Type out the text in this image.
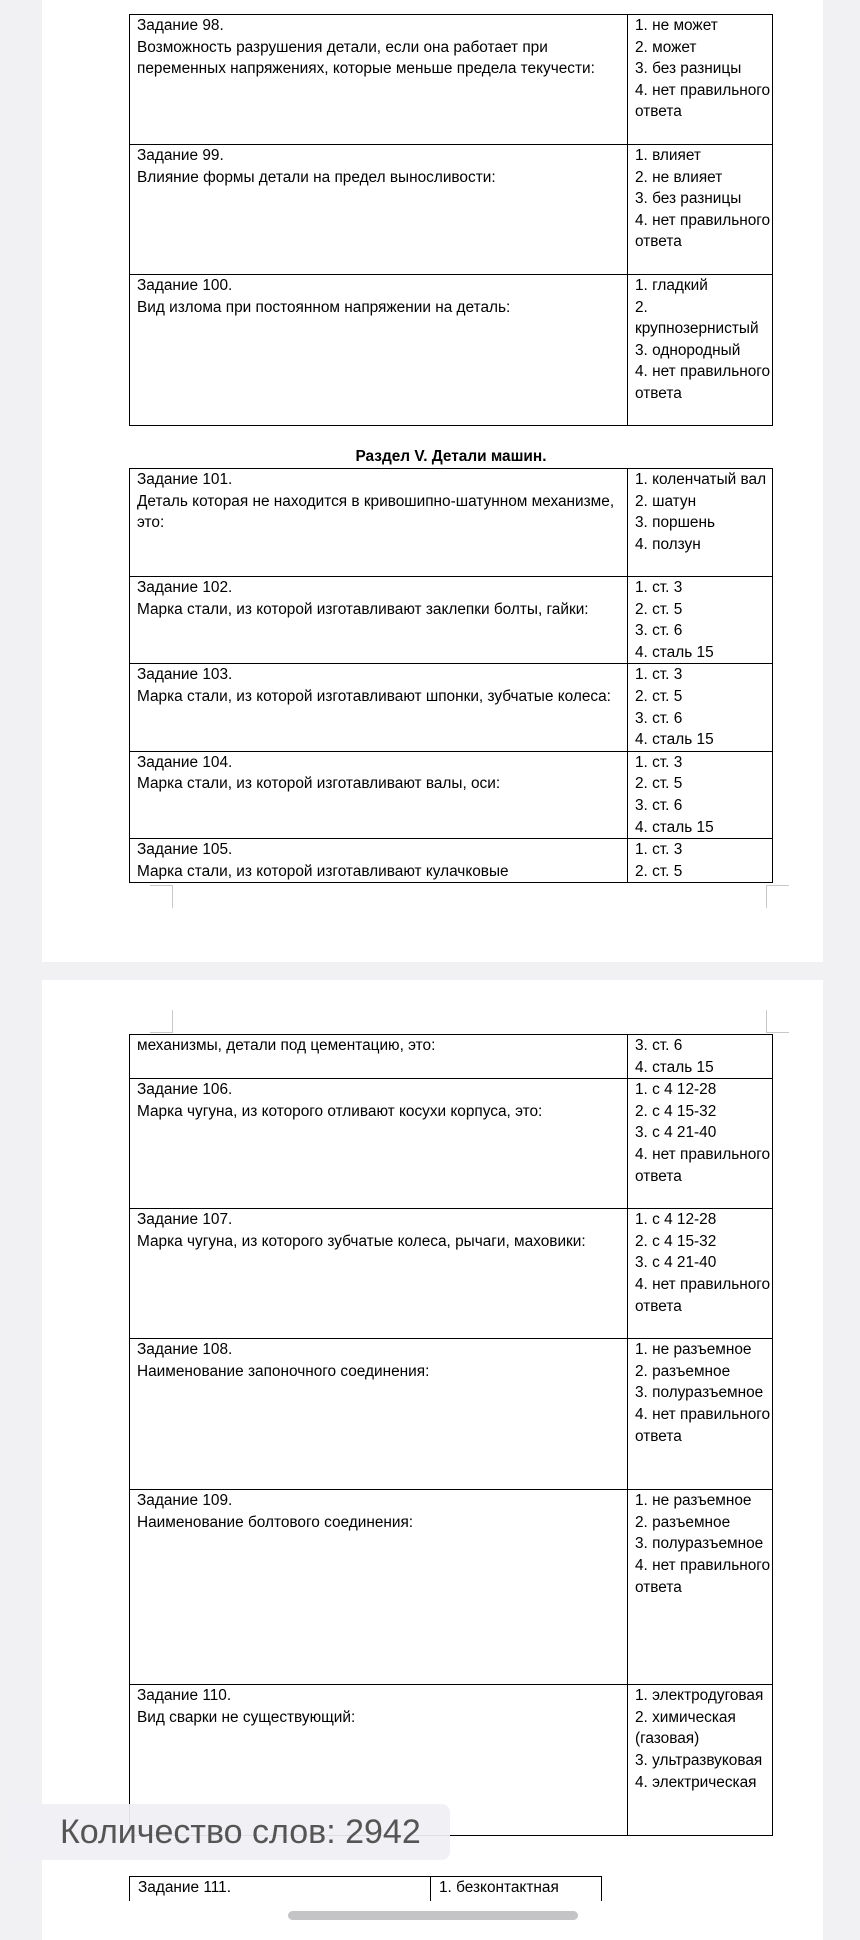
Задание 98.
Возможность разрушения детали, если она работает при переменных напряжениях, которые меньше предела текучести:	1. не может
2. может
3. без разницы
4. нет правильного ответа

Задание 99.
Влияние формы детали на предел выносливости:	1. влияет
2. не влияет
3. без разницы
4. нет правильного ответа

Задание 100.
Вид излома при постоянном напряжении на деталь:	1. гладкий
2. крупнозернистый
3. однородный
4. нет правильного ответа
Раздел V. Детали машин.
Задание 101.
Деталь которая не находится в кривошипно-шатунном механизме, это:	1. коленчатый вал
2. шатун
3. поршень
4. ползун

Задание 102.
Марка стали, из которой изготавливают заклепки болты, гайки:	1. ст. 3
2. ст. 5
3. ст. 6
4. сталь 15

Задание 103.
Марка стали, из которой изготавливают шпонки, зубчатые колеса:	1. ст. 3
2. ст. 5
3. ст. 6
4. сталь 15

Задание 104.
Марка стали, из которой изготавливают валы, оси:	1. ст. 3
2. ст. 5
3. ст. 6
4. сталь 15

Задание 105.
Марка стали, из которой изготавливают кулачковые	1. ст. 3
2. ст. 5
механизмы, детали под цементацию, это:	3. ст. 6
4. сталь 15

Задание 106.
Марка чугуна, из которого отливают косухи корпуса, это:	1. с 4 12-28
2. с 4 15-32
3. с 4 21-40
4. нет правильного ответа

Задание 107.
Марка чугуна, из которого зубчатые колеса, рычаги, маховики:	1. с 4 12-28
2. с 4 15-32
3. с 4 21-40
4. нет правильного ответа

Задание 108.
Наименование запоночного соединения:	1. не разъемное
2. разъемное
3. полуразъемное
4. нет правильного ответа

Задание 109.
Наименование болтового соединения:	1. не разъемное
2. разъемное
3. полуразъемное
4. нет правильного ответа

Задание 110.
Вид сварки не существующий:	1. электродуговая
2. химическая (газовая)
3. ультразвуковая
4. электрическая
Задание 111.	1. безконтактная
Количество слов: 2942
